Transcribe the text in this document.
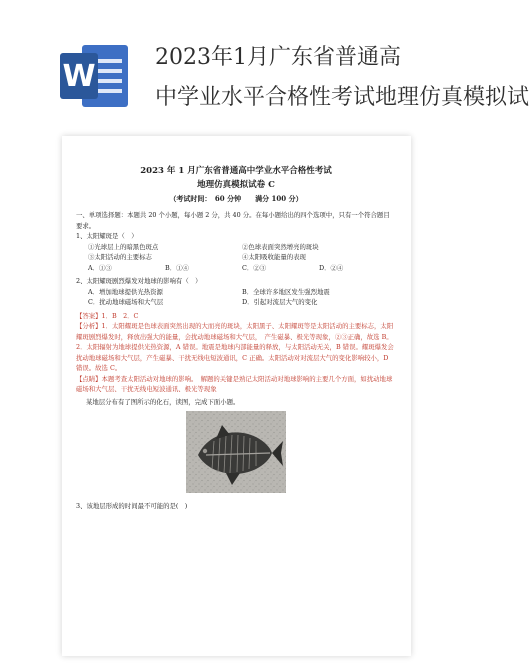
W
2023年1月广东省普通高
中学业水平合格性考试地理仿真模拟试
2023 年 1 月广东省普通高中学业水平合格性考试
地理仿真模拟试卷 C
（考试时间：　60 分钟　　满分 100 分）

一、单项选择题：本题共 20 个小题，每小题 2 分，共 40 分。在每小题给出的四个选项中，只有一个符合题目要求。

1、太阳耀斑是（　）

①光球层上的暗黑色斑点	②色球表面突然增亮的斑块
③太阳活动的主要标志	④太阳吸收能量的表现
A．①③	B．①④	C．②③	D．②④

2、太阳耀斑剧烈爆发对地球的影响有（　）

A．增加地球提供光热资源	B．全球许多地区发生强烈地震
C．扰动地球磁场和大气层	D．引起对流层大气的变化

【答案】1．B　2．C

【分析】1．太阳耀斑是色球表面突然出现的大而亮的斑块，太阳黑子、太阳耀斑等是太阳活动的主要标志，太阳耀斑剧烈爆发时，释放出强大的能量，会扰动地球磁场和大气层，　产生磁暴、极光等现象，②③正确，故选 B。

2．太阳辐射为地球提供光热资源，A 错误。地震是地球内部能量的释放，与太阳活动无关，B 错误。耀斑爆发会扰动地球磁场和大气层，产生磁暴、干扰无线电短波通讯，C 正确。太阳活动对对流层大气的变化影响较小，D 错误。故选 C。

【点睛】本题考查太阳活动对地球的影响。　解题的关键是熟记太阳活动对地球影响的主要几个方面，如扰动地球磁场和大气层、干扰无线电短波通讯、极光等现象

某地层分布有了图所示的化石，读图，完成下面小题。

3、该地层形成的时间最不可能的是(　)
